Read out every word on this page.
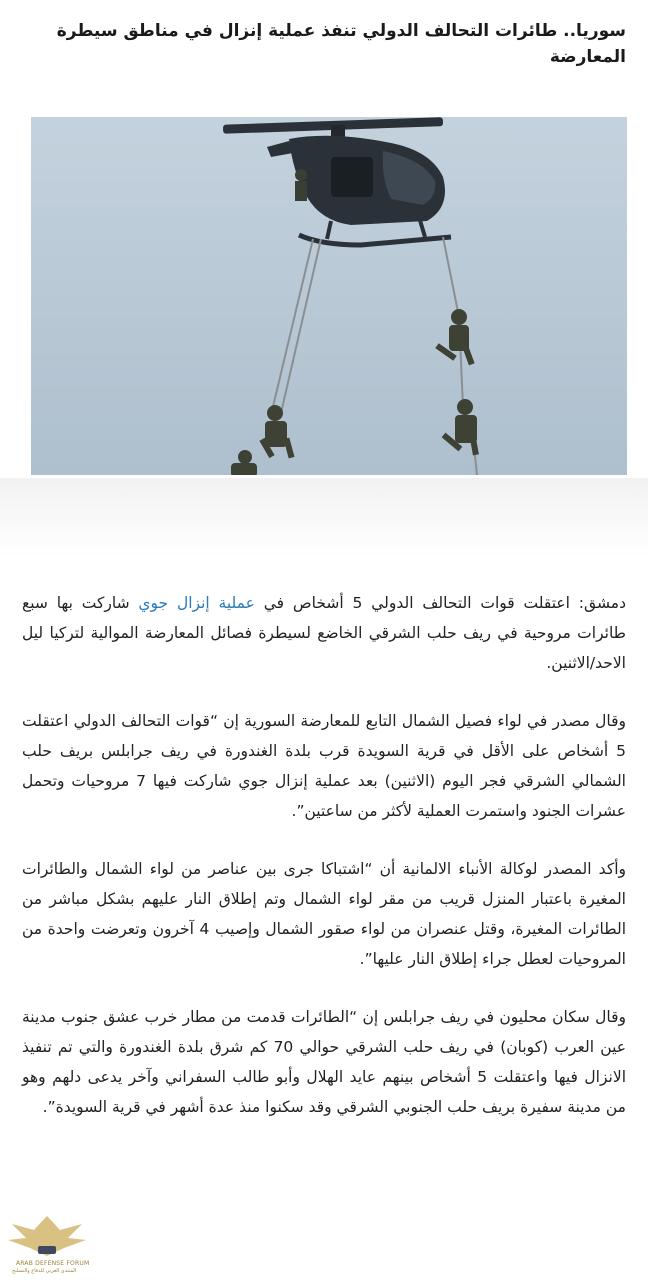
سوريا.. طائرات التحالف الدولي تنفذ عملية إنزال في مناطق سيطرة المعارضة

دمشق: اعتقلت قوات التحالف الدولي 5 أشخاص في عملية إنزال جوي شاركت بها سبع طائرات مروحية في ريف حلب الشرقي الخاضع لسيطرة فصائل المعارضة الموالية لتركيا ليل الاحد/الاثنين.

وقال مصدر في لواء فصيل الشمال التابع للمعارضة السورية إن “قوات التحالف الدولي اعتقلت 5 أشخاص على الأقل في قرية السويدة قرب بلدة الغندورة في ريف جرابلس بريف حلب الشمالي الشرقي فجر اليوم (الاثنين) بعد عملية إنزال جوي شاركت فيها 7 مروحيات وتحمل عشرات الجنود واستمرت العملية لأكثر من ساعتين”.

وأكد المصدر لوكالة الأنباء الالمانية أن “اشتباكا جرى بين عناصر من لواء الشمال والطائرات المغيرة باعتبار المنزل قريب من مقر لواء الشمال وتم إطلاق النار عليهم بشكل مباشر من الطائرات المغيرة، وقتل عنصران من لواء صقور الشمال وإصيب 4 آخرون وتعرضت واحدة من المروحيات لعطل جراء إطلاق النار عليها”.

وقال سكان محليون في ريف جرابلس إن “الطائرات قدمت من مطار خرب عشق جنوب مدينة عين العرب (كوبان) في ريف حلب الشرقي حوالي 70 كم شرق بلدة الغندورة والتي تم تنفيذ الانزال فيها واعتقلت 5 أشخاص بينهم عايد الهلال وأبو طالب السفراني وآخر يدعى دلهم وهو من مدينة سفيرة بريف حلب الجنوبي الشرقي وقد سكنوا منذ عدة أشهر في قرية السويدة”.

ARAB DEFENSE FORUM
المنتدى العربي للدفاع والتسليح
